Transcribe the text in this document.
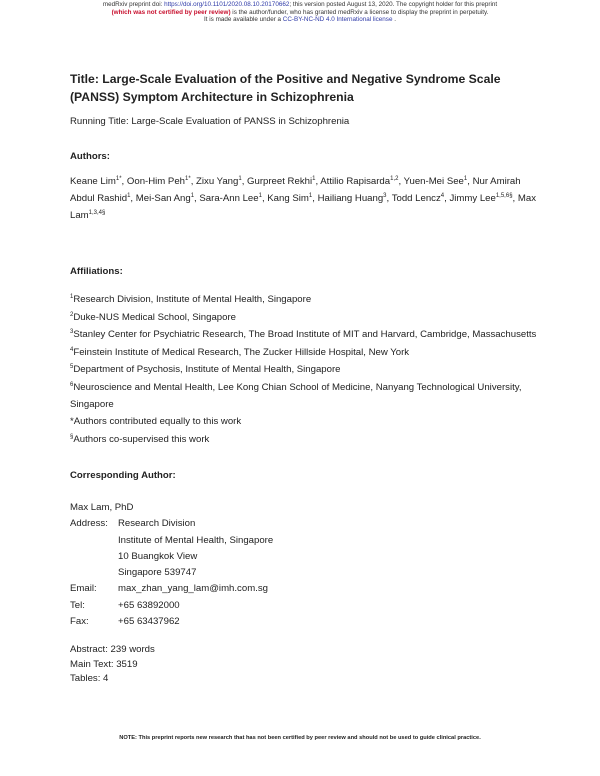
medRxiv preprint doi: https://doi.org/10.1101/2020.08.10.20170662; this version posted August 13, 2020. The copyright holder for this preprint
(which was not certified by peer review) is the author/funder, who has granted medRxiv a license to display the preprint in perpetuity.
It is made available under a CC-BY-NC-ND 4.0 International license .
Title: Large-Scale Evaluation of the Positive and Negative Syndrome Scale (PANSS) Symptom Architecture in Schizophrenia
Running Title: Large-Scale Evaluation of PANSS in Schizophrenia
Authors:
Keane Lim$^{1*}$, Oon-Him Peh$^{1*}$, Zixu Yang$^1$, Gurpreet Rekhi$^1$, Attilio Rapisarda$^{1,2}$, Yuen-Mei See$^1$, Nur Amirah Abdul Rashid$^1$, Mei-San Ang$^1$, Sara-Ann Lee$^1$, Kang Sim$^1$, Hailiang Huang$^3$, Todd Lencz$^4$, Jimmy Lee$^{1,5,6\S}$, Max Lam$^{1,3,4\S}$
Affiliations:
$^1$Research Division, Institute of Mental Health, Singapore
$^2$Duke-NUS Medical School, Singapore
$^3$Stanley Center for Psychiatric Research, The Broad Institute of MIT and Harvard, Cambridge, Massachusetts
$^4$Feinstein Institute of Medical Research, The Zucker Hillside Hospital, New York
$^5$Department of Psychosis, Institute of Mental Health, Singapore
$^6$Neuroscience and Mental Health, Lee Kong Chian School of Medicine, Nanyang Technological University, Singapore
*Authors contributed equally to this work
§Authors co-supervised this work
Corresponding Author:
Max Lam, PhD
Address:	Research Division
Institute of Mental Health, Singapore
10 Buangkok View
Singapore 539747
Email:	max_zhan_yang_lam@imh.com.sg
Tel:	+65 63892000
Fax:	+65 63437962
Abstract: 239 words
Main Text: 3519
Tables: 4
NOTE: This preprint reports new research that has not been certified by peer review and should not be used to guide clinical practice.
